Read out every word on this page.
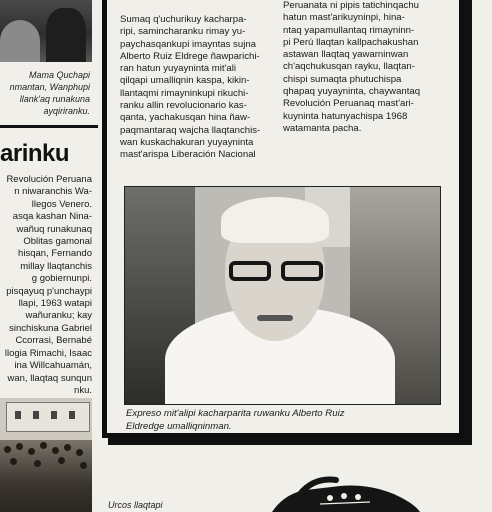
Mama Quchapi
nmantan, Wanphupi
llank'aq runakuna
ayqiriranku.
arinku
Revolución Peruana
n niwaranchis Wa-
llegos Venero.
asqa kashan Nina-
wañuq runakunaq
Oblitas gamonal
hisqan, Fernando
millay llaqtanchis
g gobiernunpi.
pisqayuq p'unchaypi
llapi, 1963 watapi
wañuranku; kay
sinchiskuna Gabriel
Ccorrasi, Bernabé
llogia Rimachi, Isaac
ina Willcahuamán,
wan, llaqtaq sunqun
nku.
Sumaq q'uchurikuy kacharpa-
ripi, samincharanku rimay yu-
paychasqankupi imayntas sujna
Alberto Ruiz Eldrege ñawparichi-
ran hatun yuyayninta mit'ali
qilqapi umalliqnin kaspa, kikin-
llantaqmi rimayninkupi rikuchi-
ranku allin revolucionario kas-
qanta, yachakusqan hina ñaw-
paqmantaraq wajcha llaqtanchis-
wan kuskachakuran yuyayninta
mast'arispa Liberación Nacional
Peruanata ni pipis tatichinqachu
hatun mast'arikuyninpi, hina-
ntaq yapamullantaq rimayninn-
pi Perú llaqtan kallpachakushan
astawan llaqtaq yawarninwan
ch'aqchukusqan rayku, llaqtan-
chispi sumaqta phutuchispa
qhapaq yuyayninta, chaywantaq
Revolución Peruanaq mast'ari-
kuyninta hatunyachispa 1968
watamanta pacha.
Expreso mit'alipi kacharparita ruwanku Alberto Ruiz
Eldredge umalliqninman.
Urcos llaqtapi
